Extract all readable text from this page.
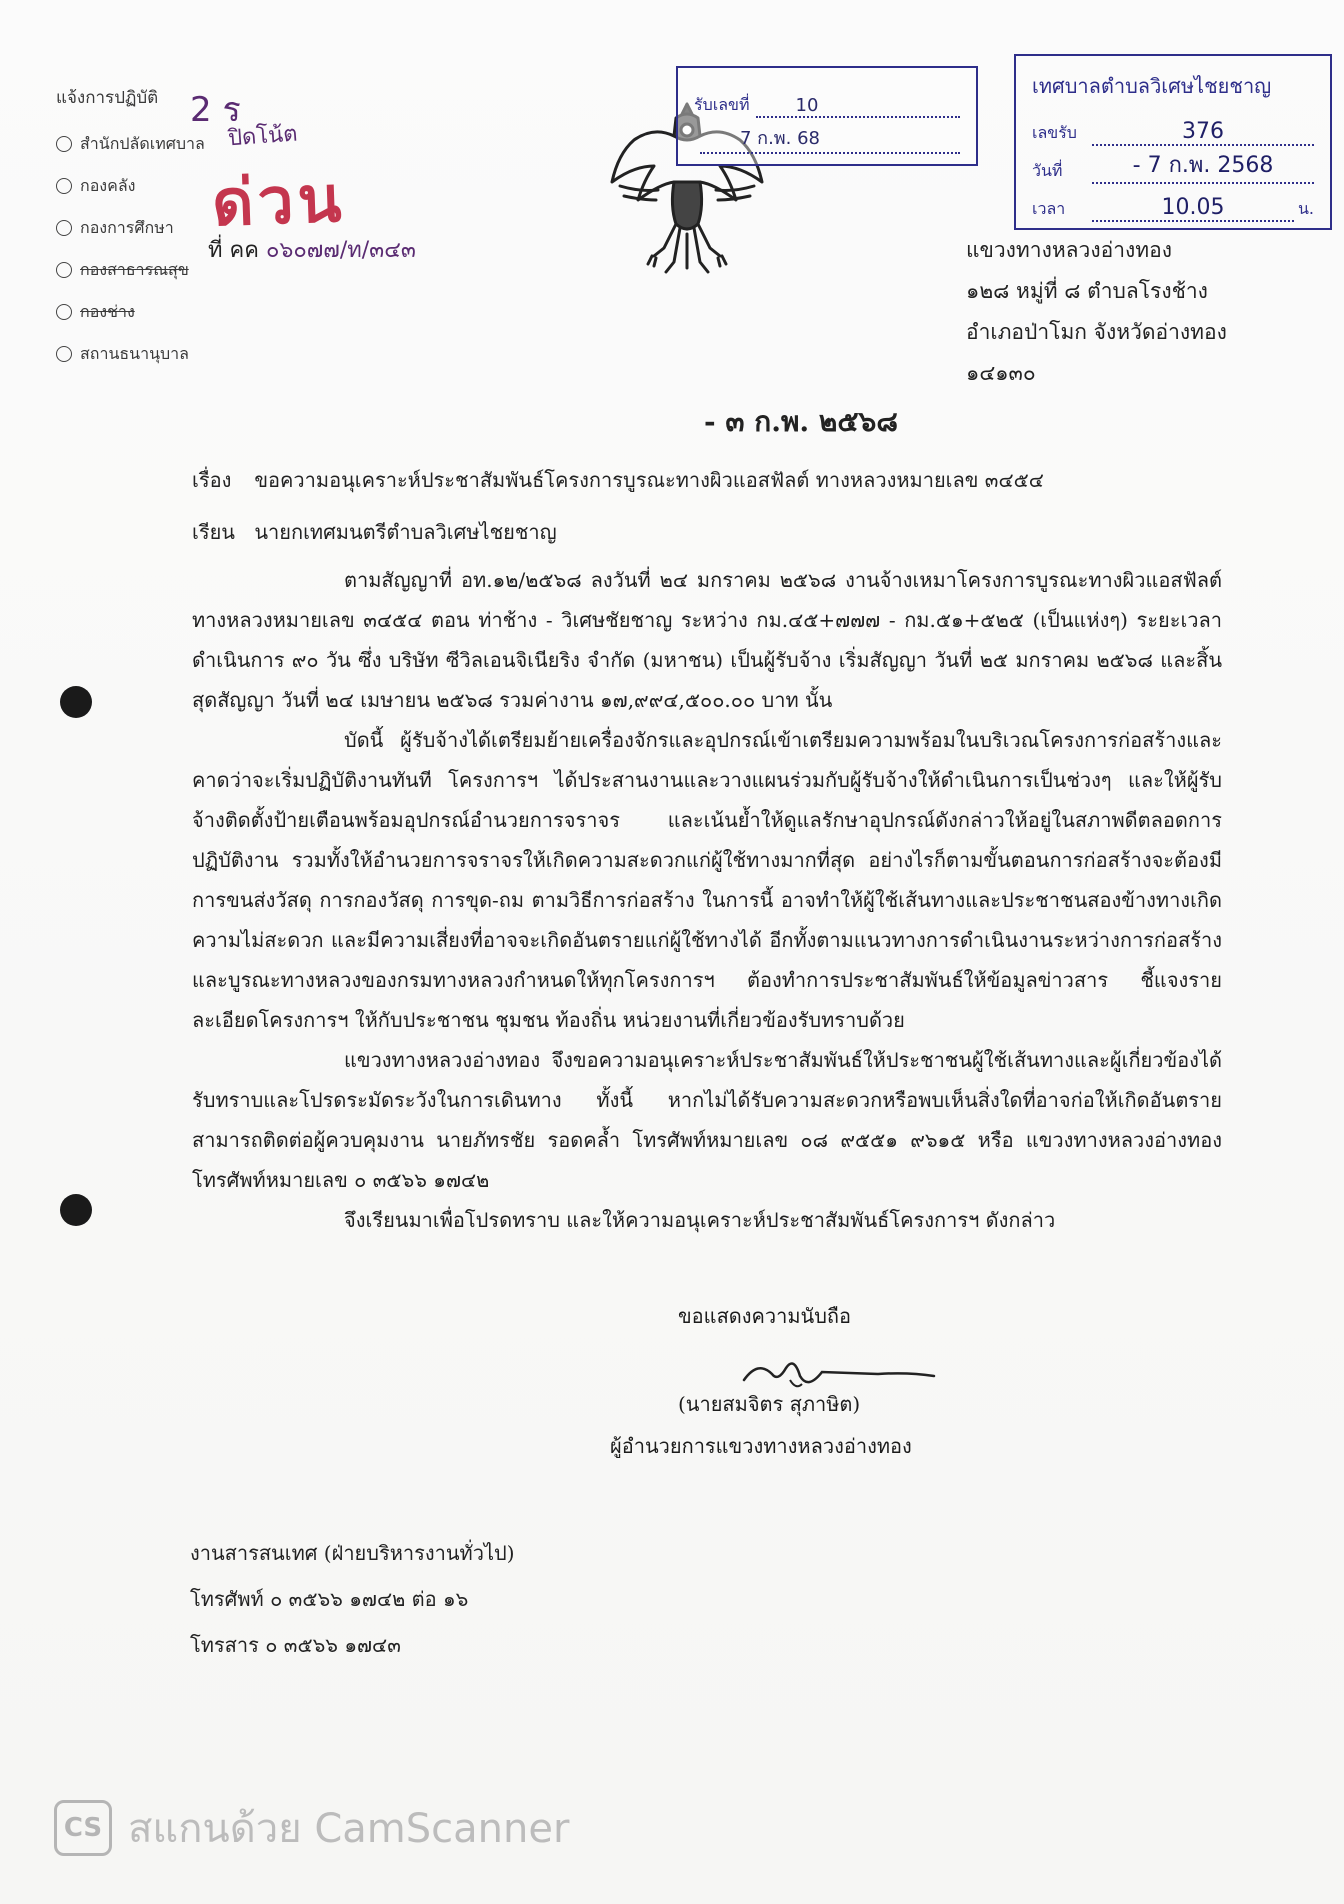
แจ้งการปฏิบัติ
สำนักปลัดเทศบาล
กองคลัง
กองการศึกษา
กองสาธารณสุข
กองช่าง
สถานธนานุบาล
2 ร
ปิดโน้ต
ด่วน
ที่ คค ๐๖๐๗๗/ท/๓๔๓
รับเลขที่	10
7 ก.พ. 68
เทศบาลตำบลวิเศษไชยชาญ
เลขรับ	376
วันที่	- 7 ก.พ. 2568
เวลา	10.05	น.
แขวงทางหลวงอ่างทอง
๑๒๘ หมู่ที่ ๘ ตำบลโรงช้าง
อำเภอป่าโมก จังหวัดอ่างทอง
๑๔๑๓๐
- ๓ ก.พ. ๒๕๖๘
เรื่อง ขอความอนุเคราะห์ประชาสัมพันธ์โครงการบูรณะทางผิวแอสฟัลต์ ทางหลวงหมายเลข ๓๔๕๔
เรียน นายกเทศมนตรีตำบลวิเศษไชยชาญ

ตามสัญญาที่ อท.๑๒/๒๕๖๘ ลงวันที่ ๒๔ มกราคม ๒๕๖๘ งานจ้างเหมาโครงการบูรณะทางผิวแอสฟัลต์ ทางหลวงหมายเลข ๓๔๕๔ ตอน ท่าช้าง - วิเศษชัยชาญ ระหว่าง กม.๔๕+๗๗๗ - กม.๕๑+๕๒๕ (เป็นแห่งๆ) ระยะเวลาดำเนินการ ๙๐ วัน ซึ่ง บริษัท ซีวิลเอนจิเนียริง จำกัด (มหาชน) เป็นผู้รับจ้าง เริ่มสัญญา วันที่ ๒๕ มกราคม ๒๕๖๘ และสิ้นสุดสัญญา วันที่ ๒๔ เมษายน ๒๕๖๘ รวมค่างาน ๑๗,๙๙๔,๕๐๐.๐๐ บาท นั้น

บัดนี้ ผู้รับจ้างได้เตรียมย้ายเครื่องจักรและอุปกรณ์เข้าเตรียมความพร้อมในบริเวณโครงการก่อสร้างและคาดว่าจะเริ่มปฏิบัติงานทันที โครงการฯ ได้ประสานงานและวางแผนร่วมกับผู้รับจ้างให้ดำเนินการเป็นช่วงๆ และให้ผู้รับจ้างติดตั้งป้ายเตือนพร้อมอุปกรณ์อำนวยการจราจร และเน้นย้ำให้ดูแลรักษาอุปกรณ์ดังกล่าวให้อยู่ในสภาพดีตลอดการปฏิบัติงาน รวมทั้งให้อำนวยการจราจรให้เกิดความสะดวกแก่ผู้ใช้ทางมากที่สุด อย่างไรก็ตามขั้นตอนการก่อสร้างจะต้องมีการขนส่งวัสดุ การกองวัสดุ การขุด-ถม ตามวิธีการก่อสร้าง ในการนี้ อาจทำให้ผู้ใช้เส้นทางและประชาชนสองข้างทางเกิดความไม่สะดวก และมีความเสี่ยงที่อาจจะเกิดอันตรายแก่ผู้ใช้ทางได้ อีกทั้งตามแนวทางการดำเนินงานระหว่างการก่อสร้างและบูรณะทางหลวงของกรมทางหลวงกำหนดให้ทุกโครงการฯ ต้องทำการประชาสัมพันธ์ให้ข้อมูลข่าวสาร ชี้แจงรายละเอียดโครงการฯ ให้กับประชาชน ชุมชน ท้องถิ่น หน่วยงานที่เกี่ยวข้องรับทราบด้วย

แขวงทางหลวงอ่างทอง จึงขอความอนุเคราะห์ประชาสัมพันธ์ให้ประชาชนผู้ใช้เส้นทางและผู้เกี่ยวข้องได้รับทราบและโปรดระมัดระวังในการเดินทาง ทั้งนี้ หากไม่ได้รับความสะดวกหรือพบเห็นสิ่งใดที่อาจก่อให้เกิดอันตรายสามารถติดต่อผู้ควบคุมงาน นายภัทรชัย รอดคล้ำ โทรศัพท์หมายเลข ๐๘ ๙๕๕๑ ๙๖๑๕ หรือ แขวงทางหลวงอ่างทอง โทรศัพท์หมายเลข ๐ ๓๕๖๖ ๑๗๔๒

จึงเรียนมาเพื่อโปรดทราบ และให้ความอนุเคราะห์ประชาสัมพันธ์โครงการฯ ดังกล่าว

ขอแสดงความนับถือ
(นายสมจิตร สุภาษิต)
ผู้อำนวยการแขวงทางหลวงอ่างทอง
งานสารสนเทศ (ฝ่ายบริหารงานทั่วไป)
โทรศัพท์ ๐ ๓๕๖๖ ๑๗๔๒ ต่อ ๑๖
โทรสาร ๐ ๓๕๖๖ ๑๗๔๓
CS สแกนด้วย CamScanner
